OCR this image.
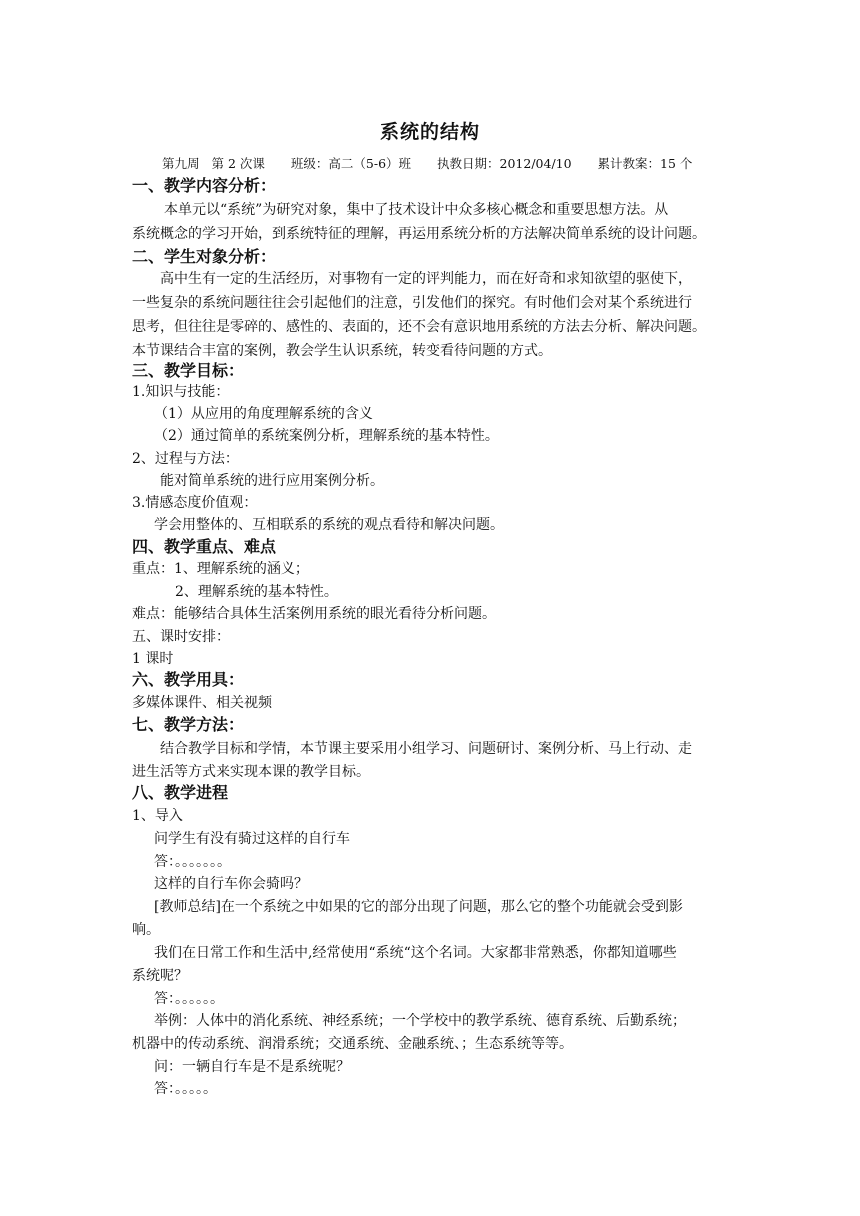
系统的结构
第九周 第 2 次课 班级：高二（5-6）班 执教日期：2012/04/10 累计教案：15 个
一、教学内容分析：
本单元以“系统”为研究对象，集中了技术设计中众多核心概念和重要思想方法。从
系统概念的学习开始，到系统特征的理解，再运用系统分析的方法解决简单系统的设计问题。
二、学生对象分析：
高中生有一定的生活经历，对事物有一定的评判能力，而在好奇和求知欲望的驱使下，
一些复杂的系统问题往往会引起他们的注意，引发他们的探究。有时他们会对某个系统进行
思考，但往往是零碎的、感性的、表面的，还不会有意识地用系统的方法去分析、解决问题。
本节课结合丰富的案例，教会学生认识系统，转变看待问题的方式。
三、教学目标：
1.知识与技能：
（1）从应用的角度理解系统的含义
（2）通过简单的系统案例分析，理解系统的基本特性。
2、过程与方法：
能对简单系统的进行应用案例分析。
3.情感态度价值观：
学会用整体的、互相联系的系统的观点看待和解决问题。
四、教学重点、难点
重点：1、理解系统的涵义；
2、理解系统的基本特性。
难点：能够结合具体生活案例用系统的眼光看待分析问题。
五、课时安排：
1 课时
六、教学用具：
多媒体课件、相关视频
七、教学方法：
结合教学目标和学情，本节课主要采用小组学习、问题研讨、案例分析、马上行动、走
进生活等方式来实现本课的教学目标。
八、教学进程
1、导入
问学生有没有骑过这样的自行车
答：。。。。。。。
这样的自行车你会骑吗？
[教师总结]在一个系统之中如果的它的部分出现了问题，那么它的整个功能就会受到影
响。
我们在日常工作和生活中,经常使用“系统“这个名词。大家都非常熟悉，你都知道哪些
系统呢？
答：。。。。。。
举例：人体中的消化系统、神经系统；一个学校中的教学系统、德育系统、后勤系统；
机器中的传动系统、润滑系统；交通系统、金融系统、；生态系统等等。
问：一辆自行车是不是系统呢？
答：。。。。。
